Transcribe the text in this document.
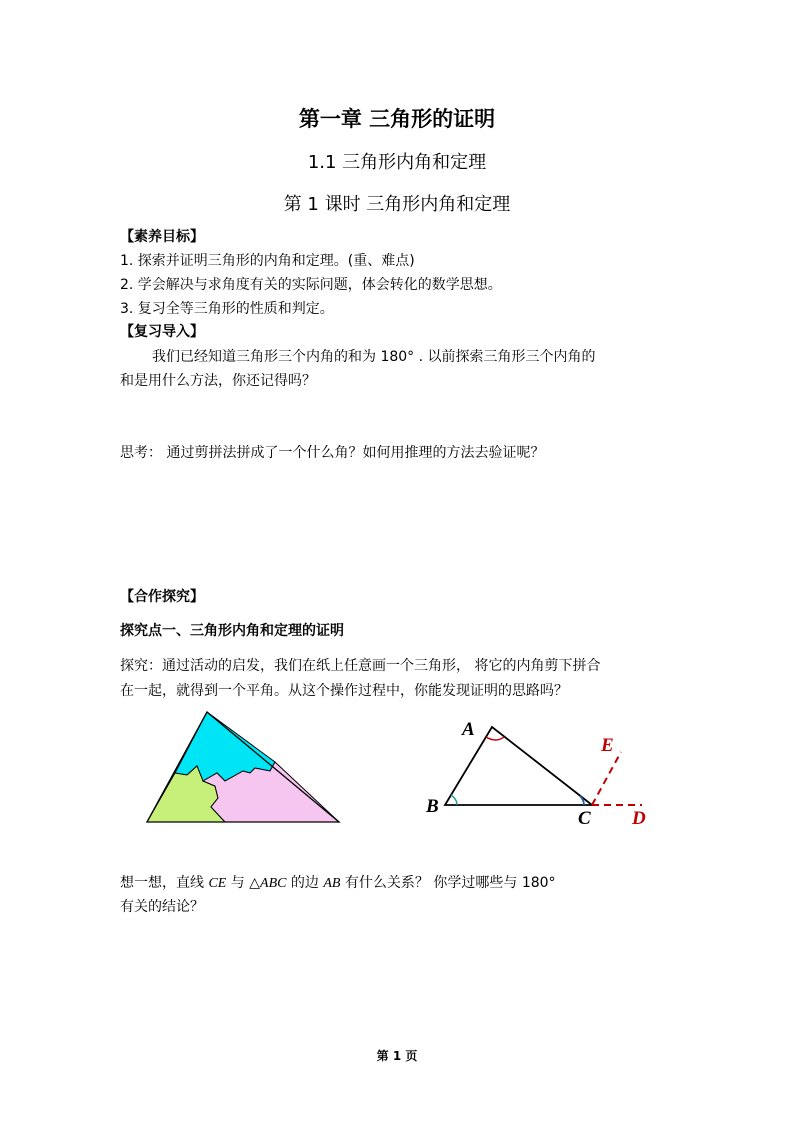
第一章 三角形的证明
1.1 三角形内角和定理
第 1 课时 三角形内角和定理
【素养目标】
1. 探索并证明三角形的内角和定理。(重、难点)
2. 学会解决与求角度有关的实际问题，体会转化的数学思想。
3. 复习全等三角形的性质和判定。
【复习导入】
我们已经知道三角形三个内角的和为 180° . 以前探索三角形三个内角的
和是用什么方法，你还记得吗？
思考： 通过剪拼法拼成了一个什么角？如何用推理的方法去验证呢？
【合作探究】
探究点一、三角形内角和定理的证明
探究：通过活动的启发，我们在纸上任意画一个三角形， 将它的内角剪下拼合
在一起，就得到一个平角。从这个操作过程中，你能发现证明的思路吗？
A
B
C
E
D
想一想，直线 CE 与 △ABC 的边 AB 有什么关系？ 你学过哪些与 180°
有关的结论？
第 1 页
